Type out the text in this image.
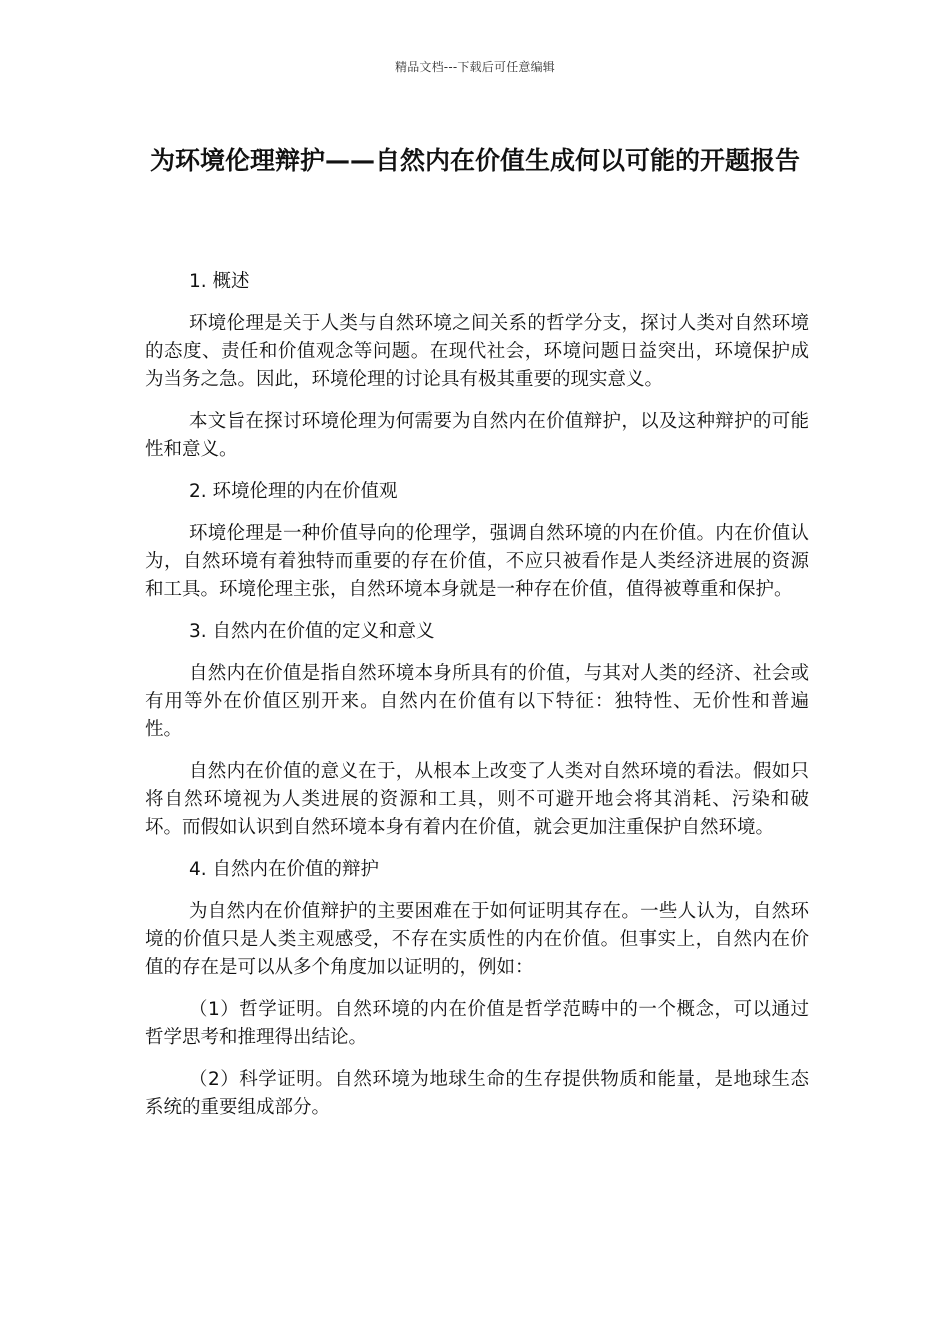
精品文档---下载后可任意编辑
为环境伦理辩护——自然内在价值生成何以可能的开题报告
1. 概述

环境伦理是关于人类与自然环境之间关系的哲学分支，探讨人类对自然环境的态度、责任和价值观念等问题。在现代社会，环境问题日益突出，环境保护成为当务之急。因此，环境伦理的讨论具有极其重要的现实意义。

本文旨在探讨环境伦理为何需要为自然内在价值辩护，以及这种辩护的可能性和意义。

2. 环境伦理的内在价值观

环境伦理是一种价值导向的伦理学，强调自然环境的内在价值。内在价值认为，自然环境有着独特而重要的存在价值，不应只被看作是人类经济进展的资源和工具。环境伦理主张，自然环境本身就是一种存在价值，值得被尊重和保护。

3. 自然内在价值的定义和意义

自然内在价值是指自然环境本身所具有的价值，与其对人类的经济、社会或有用等外在价值区别开来。自然内在价值有以下特征：独特性、无价性和普遍性。

自然内在价值的意义在于，从根本上改变了人类对自然环境的看法。假如只将自然环境视为人类进展的资源和工具，则不可避开地会将其消耗、污染和破坏。而假如认识到自然环境本身有着内在价值，就会更加注重保护自然环境。

4. 自然内在价值的辩护

为自然内在价值辩护的主要困难在于如何证明其存在。一些人认为，自然环境的价值只是人类主观感受，不存在实质性的内在价值。但事实上，自然内在价值的存在是可以从多个角度加以证明的，例如：

（1）哲学证明。自然环境的内在价值是哲学范畴中的一个概念，可以通过哲学思考和推理得出结论。

（2）科学证明。自然环境为地球生命的生存提供物质和能量，是地球生态系统的重要组成部分。
